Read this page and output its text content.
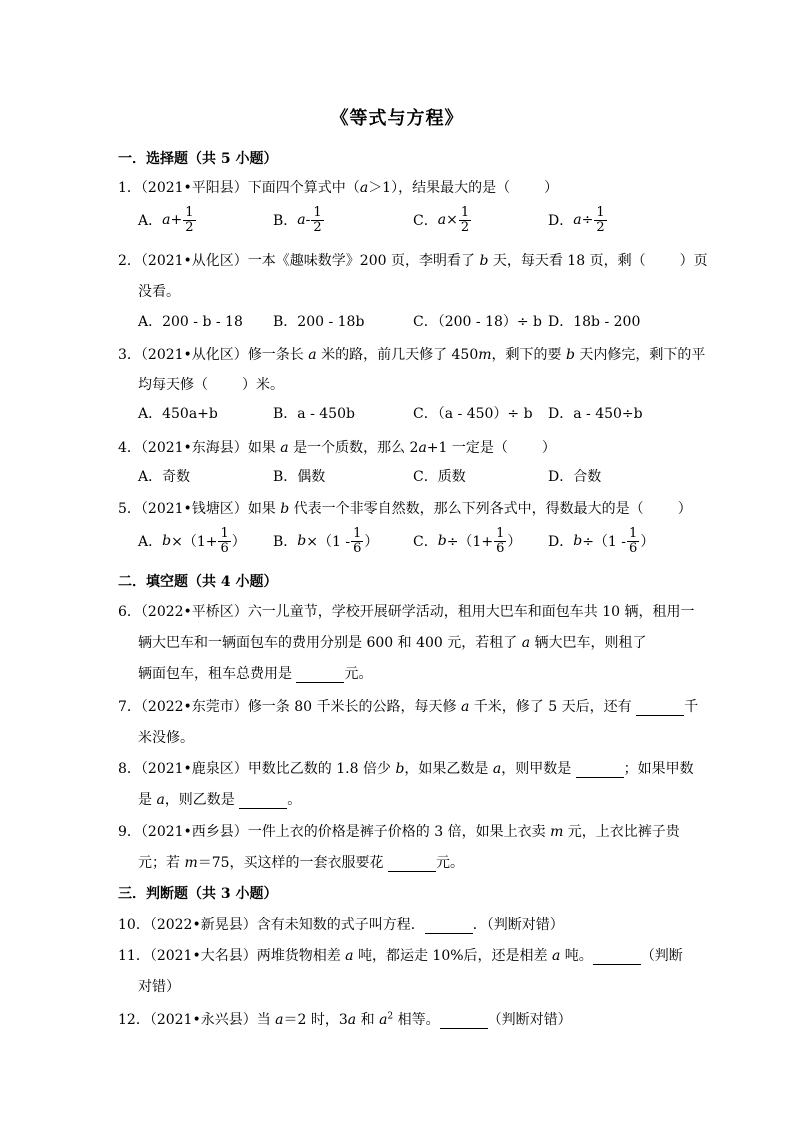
《等式与方程》
一．选择题（共 5 小题）
1．（2021•平阳县）下面四个算式中（a＞1），结果最大的是（ ）
A． $a + \frac{1}{2}$	B． a - $\frac{1}{2}$	C． $a \times \frac{1}{2}$	D． $a \div \frac{1}{2}$
2．（2021•从化区）一本《趣味数学》200 页，李明看了 b 天，每天看 18 页，剩（ ）页
没看。
A．200 - b - 18 B．200 - 18b	C．（200 - 18）÷ b D．18b - 200
3．（2021•从化区）修一条长 a 米的路，前几天修了 450m，剩下的要 b 天内修完，剩下的平
均每天修（ ）米。
A．450a+b	B．a - 450b	C．（a - 450）÷ b D．a - 450÷b
4．（2021•东海县）如果 a 是一个质数，那么 2a+1 一定是（ ）
A．奇数	B．偶数	C．质数	D．合数
5．（2021•钱塘区）如果 b 代表一个非零自然数，那么下列各式中，得数最大的是（ ）
A． $b \times(1+ \frac{1}{6}$ ） B． $b \times(1 - \frac{1}{6}$ ） C． $b \div(1+ \frac{1}{6}$ ） D． $b \div(1 - \frac{1}{6}$ ）
二．填空题（共 4 小题）
6．（2022•平桥区）六一儿童节，学校开展研学活动，租用大巴车和面包车共 10 辆，租用一
辆大巴车和一辆面包车的费用分别是 600 和 400 元，若租了 a 辆大巴车，则租了
辆面包车，租车总费用是	元。
7．（2022•东莞市）修一条 80 千米长的公路，每天修 a 千米，修了 5 天后，还有	千
米没修。
8．（2021•鹿泉区）甲数比乙数的 1.8 倍少 b，如果乙数是 a，则甲数是	；如果甲数
是 a，则乙数是	。
9．（2021•西乡县）一件上衣的价格是裤子价格的 3 倍，如果上衣卖 m 元，上衣比裤子贵
元；若 m＝75，买这样的一套衣服要花	元。
三．判断题（共 3 小题）
10．（2022•新晃县）含有未知数的式子叫方程．	．（判断对错）
11．（2021•大名县）两堆货物相差 a 吨，都运走 10%后，还是相差 a 吨。	（判断
对错）
12．（2021•永兴县）当 a＝2 时，3a 和 $a^2$ 相等。	（判断对错）
